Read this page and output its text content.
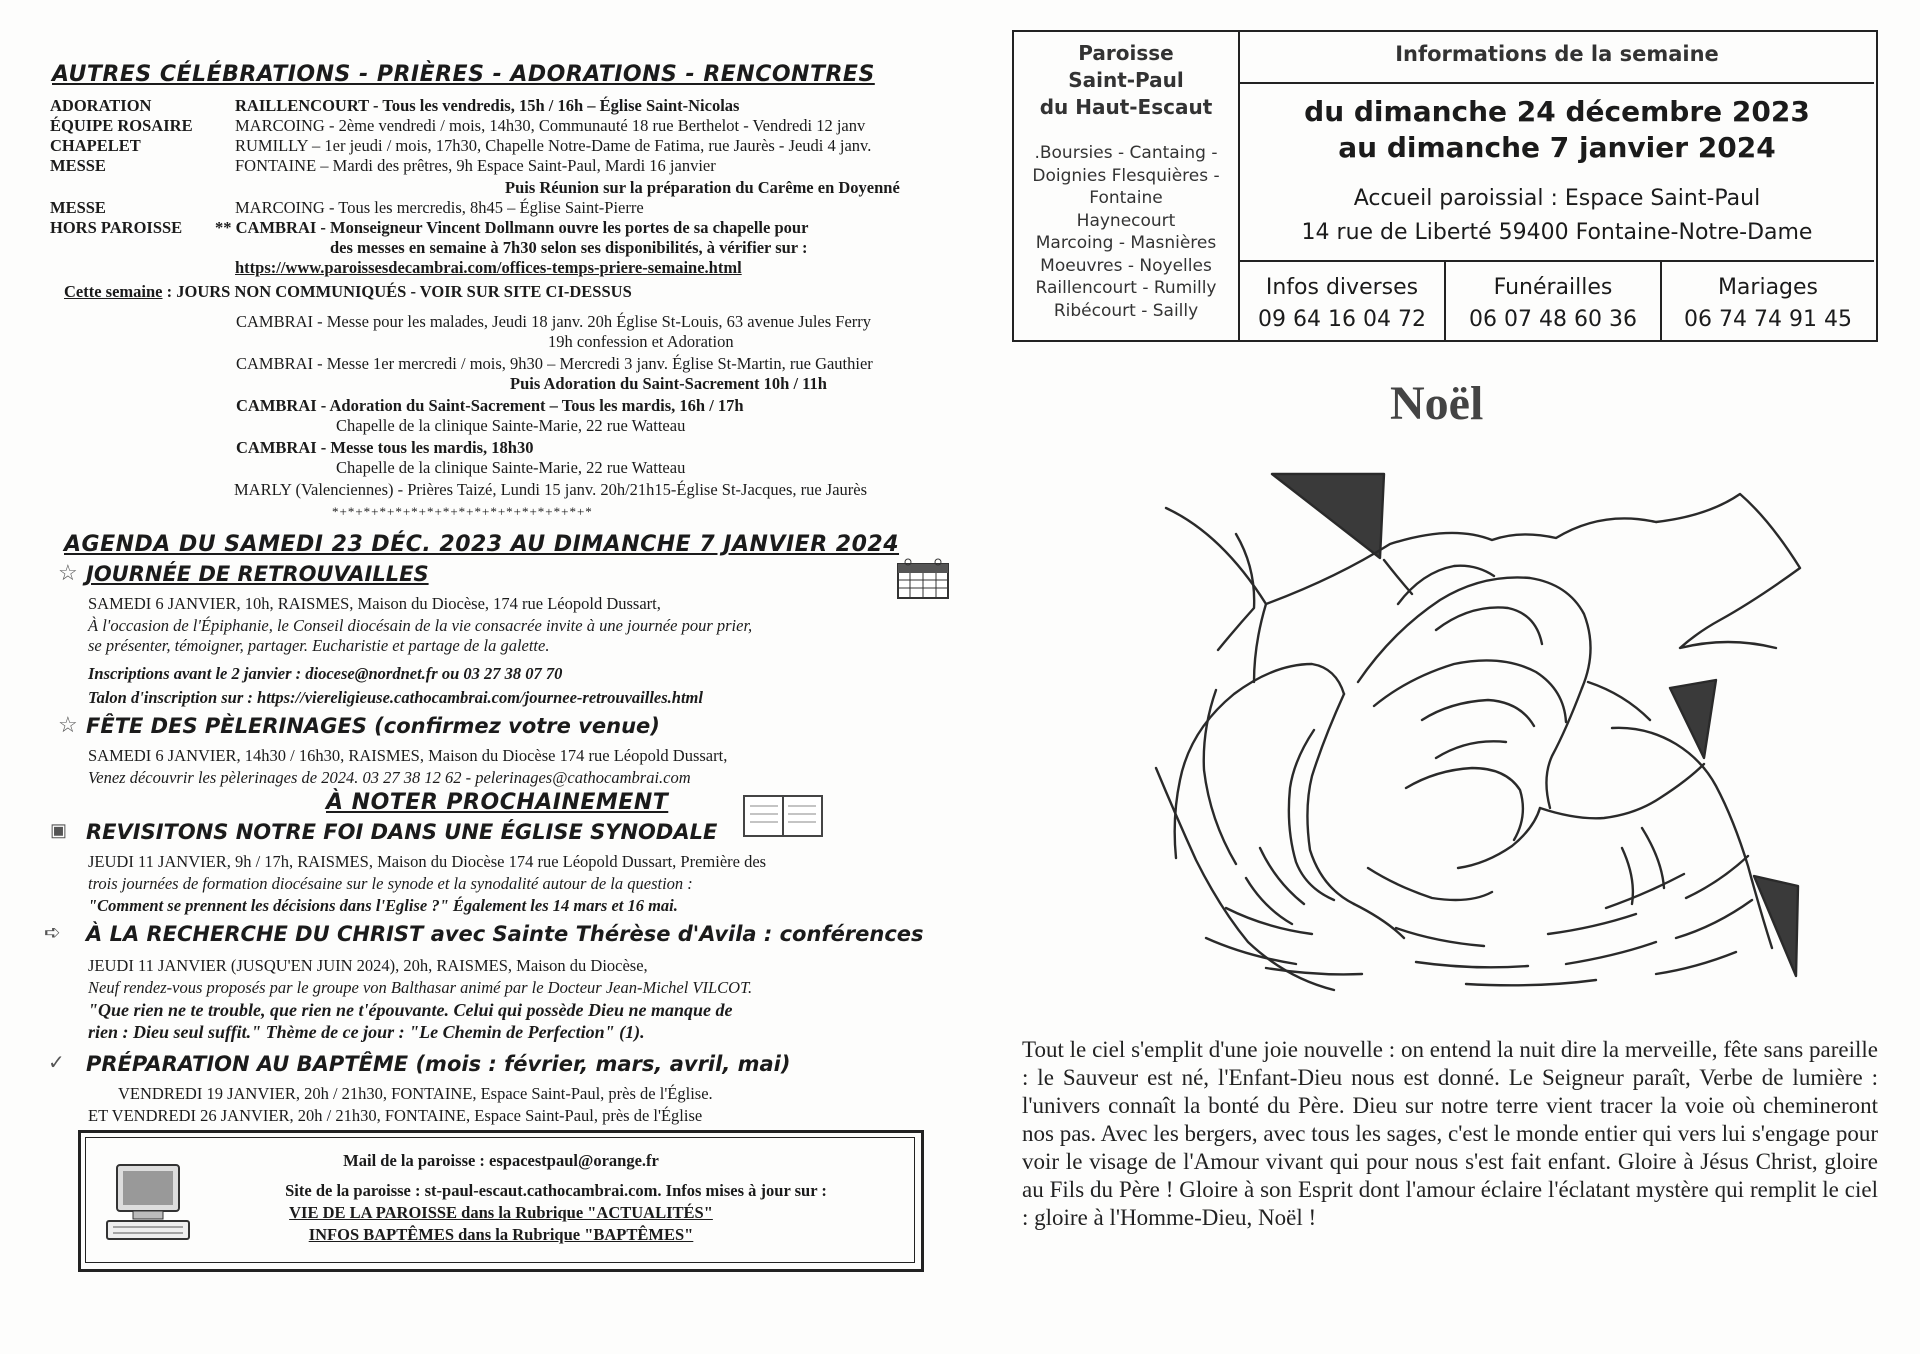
AUTRES CÉLÉBRATIONS - PRIÈRES - ADORATIONS - RENCONTRES
ADORATION	RAILLENCOURT - Tous les vendredis, 15h / 16h – Église Saint-Nicolas
ÉQUIPE ROSAIRE	MARCOING - 2ème vendredi / mois, 14h30, Communauté 18 rue Berthelot - Vendredi 12 janv
CHAPELET	RUMILLY – 1er jeudi / mois, 17h30, Chapelle Notre-Dame de Fatima, rue Jaurès - Jeudi 4 janv.
MESSE	FONTAINE – Mardi des prêtres, 9h Espace Saint-Paul, Mardi 16 janvier
Puis Réunion sur la préparation du Carême en Doyenné
MESSE	MARCOING - Tous les mercredis, 8h45 – Église Saint-Pierre
HORS PAROISSE ** CAMBRAI - Monseigneur Vincent Dollmann ouvre les portes de sa chapelle pour
des messes en semaine à 7h30 selon ses disponibilités, à vérifier sur :
https://www.paroissesdecambrai.com/offices-temps-priere-semaine.html
Cette semaine : JOURS NON COMMUNIQUÉS - VOIR SUR SITE CI-DESSUS
CAMBRAI - Messe pour les malades, Jeudi 18 janv. 20h Église St-Louis, 63 avenue Jules Ferry
19h confession et Adoration
CAMBRAI - Messe 1er mercredi / mois, 9h30 – Mercredi 3 janv. Église St-Martin, rue Gauthier
Puis Adoration du Saint-Sacrement 10h / 11h
CAMBRAI - Adoration du Saint-Sacrement – Tous les mardis, 16h / 17h
Chapelle de la clinique Sainte-Marie, 22 rue Watteau
CAMBRAI - Messe tous les mardis, 18h30
Chapelle de la clinique Sainte-Marie, 22 rue Watteau
MARLY (Valenciennes) - Prières Taizé, Lundi 15 janv. 20h/21h15-Église St-Jacques, rue Jaurès
*+*+*+*+*+*+*+*+*+*+*+*+*+*+*+*+*
AGENDA DU SAMEDI 23 DÉC. 2023 AU DIMANCHE 7 JANVIER 2024
☆ JOURNÉE DE RETROUVAILLES
SAMEDI 6 JANVIER, 10h, RAISMES, Maison du Diocèse, 174 rue Léopold Dussart,
À l'occasion de l'Épiphanie, le Conseil diocésain de la vie consacrée invite à une journée pour prier,
se présenter, témoigner, partager. Eucharistie et partage de la galette.
Inscriptions avant le 2 janvier : diocese@nordnet.fr ou 03 27 38 07 70
Talon d'inscription sur : https://viereligieuse.cathocambrai.com/journee-retrouvailles.html
☆ FÊTE DES PÈLERINAGES (confirmez votre venue)
SAMEDI 6 JANVIER, 14h30 / 16h30, RAISMES, Maison du Diocèse 174 rue Léopold Dussart,
Venez découvrir les pèlerinages de 2024. 03 27 38 12 62 - pelerinages@cathocambrai.com
À NOTER PROCHAINEMENT
▣ REVISITONS NOTRE FOI DANS UNE ÉGLISE SYNODALE
JEUDI 11 JANVIER, 9h / 17h, RAISMES, Maison du Diocèse 174 rue Léopold Dussart, Première des
trois journées de formation diocésaine sur le synode et la synodalité autour de la question :
"Comment se prennent les décisions dans l'Eglise ?" Également les 14 mars et 16 mai.
➪ À LA RECHERCHE DU CHRIST avec Sainte Thérèse d'Avila : conférences
JEUDI 11 JANVIER (JUSQU'EN JUIN 2024), 20h, RAISMES, Maison du Diocèse,
Neuf rendez-vous proposés par le groupe von Balthasar animé par le Docteur Jean-Michel VILCOT.
"Que rien ne te trouble, que rien ne t'épouvante. Celui qui possède Dieu ne manque de
rien : Dieu seul suffit." Thème de ce jour : "Le Chemin de Perfection" (1).
✓ PRÉPARATION AU BAPTÊME (mois : février, mars, avril, mai)
VENDREDI 19 JANVIER, 20h / 21h30, FONTAINE, Espace Saint-Paul, près de l'Église.
ET VENDREDI 26 JANVIER, 20h / 21h30, FONTAINE, Espace Saint-Paul, près de l'Église
Mail de la paroisse : espacestpaul@orange.fr
Site de la paroisse : st-paul-escaut.cathocambrai.com. Infos mises à jour sur :
VIE DE LA PAROISSE dans la Rubrique "ACTUALITÉS"
INFOS BAPTÊMES dans la Rubrique "BAPTÊMES"
Paroisse
Saint-Paul
du Haut-Escaut
.Boursies - Cantaing -
Doignies Flesquières -
Fontaine
Haynecourt
Marcoing - Masnières
Moeuvres - Noyelles
Raillencourt - Rumilly
Ribécourt - Sailly
Informations de la semaine
du dimanche 24 décembre 2023
au dimanche 7 janvier 2024
Accueil paroissial : Espace Saint-Paul
14 rue de Liberté 59400 Fontaine-Notre-Dame
Infos diverses
09 64 16 04 72
Funérailles
06 07 48 60 36
Mariages
06 74 74 91 45
Noël
Tout le ciel s'emplit d'une joie nouvelle : on entend la nuit dire la merveille, fête sans pareille : le Sauveur est né, l'Enfant-Dieu nous est donné. Le Seigneur paraît, Verbe de lumière : l'univers connaît la bonté du Père. Dieu sur notre terre vient tracer la voie où chemineront nos pas. Avec les bergers, avec tous les sages, c'est le monde entier qui vers lui s'engage pour voir le visage de l'Amour vivant qui pour nous s'est fait enfant. Gloire à Jésus Christ, gloire au Fils du Père ! Gloire à son Esprit dont l'amour éclaire l'éclatant mystère qui remplit le ciel : gloire à l'Homme-Dieu, Noël !
